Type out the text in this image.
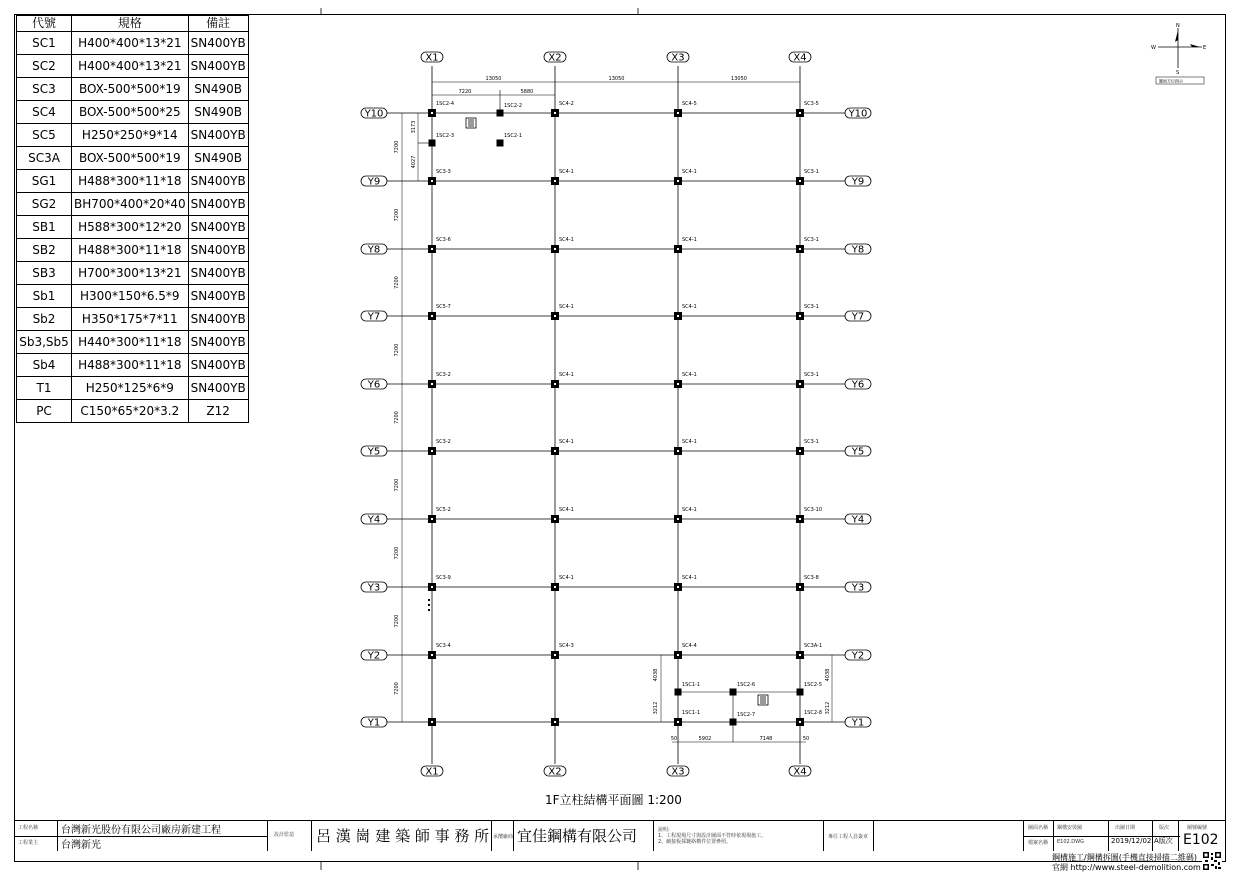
代號	規格	備註
SC1	H400*400*13*21	SN400YB
SC2	H400*400*13*21	SN400YB
SC3	BOX-500*500*19	SN490B
SC4	BOX-500*500*25	SN490B
SC5	H250*250*9*14	SN400YB
SC3A	BOX-500*500*19	SN490B
SG1	H488*300*11*18	SN400YB
SG2	BH700*400*20*40	SN400YB
SB1	H588*300*12*20	SN400YB
SB2	H488*300*11*18	SN400YB
SB3	H700*300*13*21	SN400YB
Sb1	H300*150*6.5*9	SN400YB
Sb2	H350*175*7*11	SN400YB
Sb3,Sb5	H440*300*11*18	SN400YB
Sb4	H488*300*11*18	SN400YB
T1	H250*125*6*9	SN400YB
PC	C150*65*20*3.2	Z12
X1
X1
X2
X2
X3
X3
X4
X4
Y10	Y10
Y9	Y9
Y8	Y8
Y7	Y7
Y6	Y6
Y5	Y5
Y4	Y4
Y3	Y3
Y2	Y2
Y1	Y1
13050	13050	13050
7220	5880
7200
7200
7200
7200
7200
7200
7200
7200
7200
3173
4027
4038
3212
4038
3212
50	5902	7148	50
1SC2-4	SC4-2	SC4-5	SC3-5
SC3-3	SC4-1	SC4-1	SC3-1
SC3-6	SC4-1	SC4-1	SC3-1
SC5-7	SC4-1	SC4-1	SC3-1
SC3-2	SC4-1	SC4-1	SC3-1
SC3-2	SC4-1	SC4-1	SC3-1
SC5-2	SC4-1	SC4-1	SC3-10
SC3-9	SC4-1	SC4-1	SC3-8
SC3-4	SC4-3	SC4-4	SC3A-1
1SC1-1	1SC2-8
1SC2-2
1SC2-3	1SC2-1
1SC1-1	1SC2-6
1SC2-7
1SC2-5
1F立柱結構平面圖 1:200
N
S
W	E
圖面方位指示
工程名稱
工程業主
台灣新光股份有限公司廠房新建工程
台灣新光
設計監造 呂 漢 崗 建 築 師 事 務 所 承攬廠商 宜佳鋼構有限公司	說明:
1、工程現場尺寸與設計圖面不符時依現場施工。
2、續接板採鏈絡構件位置參照。
專任工程人員簽章
圖面名稱
檔案名稱
鋼構安裝圖
E102.DWG
出圖日期
2019/12/02
版次
A版次
圖號編號
E102
鋼構施工/鋼構拆圖(手機直接掃描二維碼)
官網 http://www.steel-demolition.com
